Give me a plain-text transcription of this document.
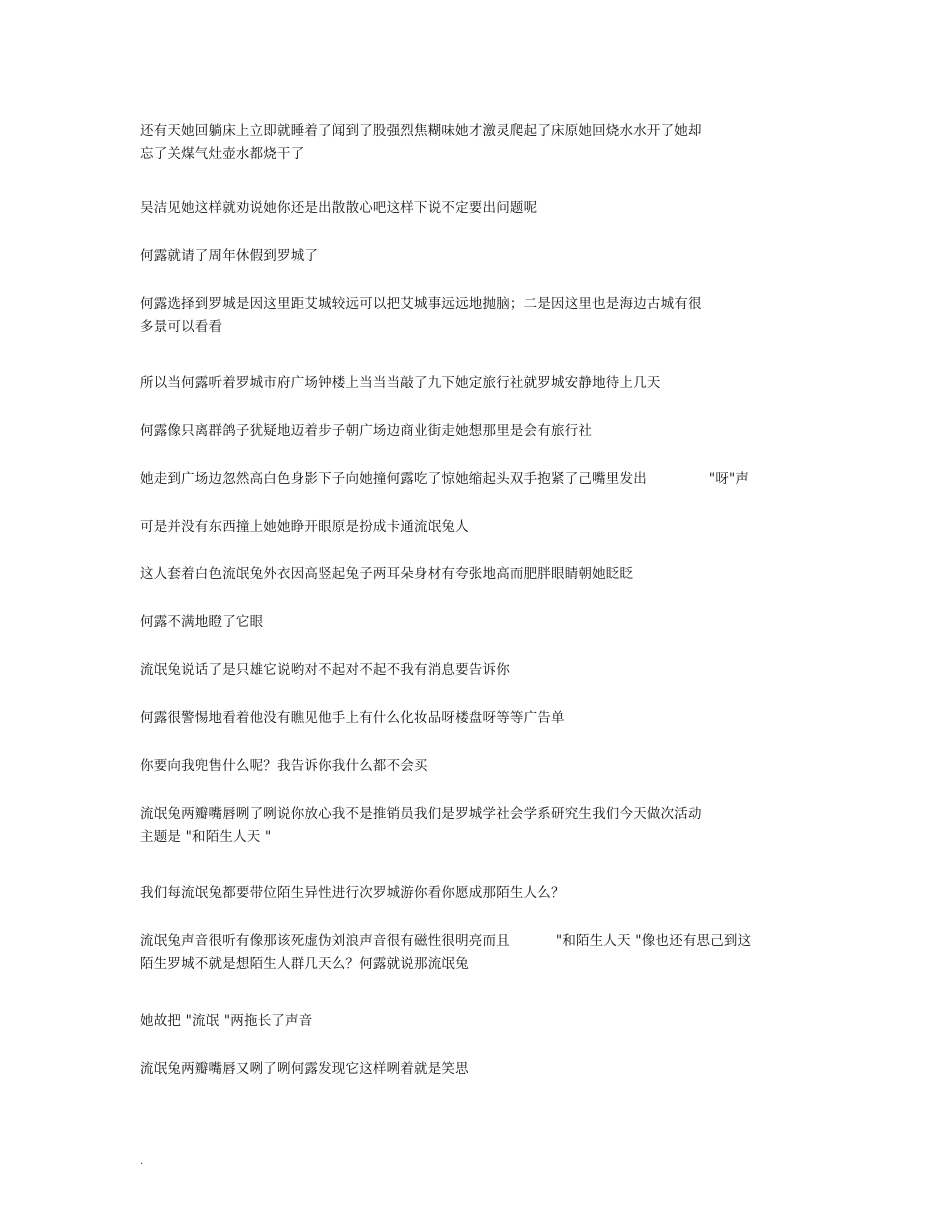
还有天她回躺床上立即就睡着了闻到了股强烈焦糊味她才激灵爬起了床原她回烧水水开了她却
忘了关煤气灶壶水都烧干了

吴洁见她这样就劝说她你还是出散散心吧这样下说不定要出问题呢

何露就请了周年休假到罗城了

何露选择到罗城是因这里距艾城较远可以把艾城事远远地抛脑；二是因这里也是海边古城有很
多景可以看看

所以当何露听着罗城市府广场钟楼上当当当敲了九下她定旅行社就罗城安静地待上几天

何露像只离群鸽子犹疑地迈着步子朝广场边商业街走她想那里是会有旅行社

她走到广场边忽然高白色身影下子向她撞何露吃了惊她缩起头双手抱紧了己嘴里发出	"呀"声

可是并没有东西撞上她她睁开眼原是扮成卡通流氓兔人

这人套着白色流氓兔外衣因高竖起兔子两耳朵身材有夸张地高而肥胖眼睛朝她眨眨

何露不满地瞪了它眼

流氓兔说话了是只雄它说哟对不起对不起不我有消息要告诉你

何露很警惕地看着他没有瞧见他手上有什么化妆品呀楼盘呀等等广告单

你要向我兜售什么呢？我告诉你我什么都不会买

流氓兔两瓣嘴唇咧了咧说你放心我不是推销员我们是罗城学社会学系研究生我们今天做次活动
主题是 "和陌生人天 "

我们每流氓兔都要带位陌生异性进行次罗城游你看你愿成那陌生人么？

流氓兔声音很听有像那该死虚伪刘浪声音很有磁性很明亮而且	"和陌生人天 "像也还有思己到这
陌生罗城不就是想陌生人群几天么？何露就说那流氓兔

她故把 "流氓 "两拖长了声音

流氓兔两瓣嘴唇又咧了咧何露发现它这样咧着就是笑思

.
